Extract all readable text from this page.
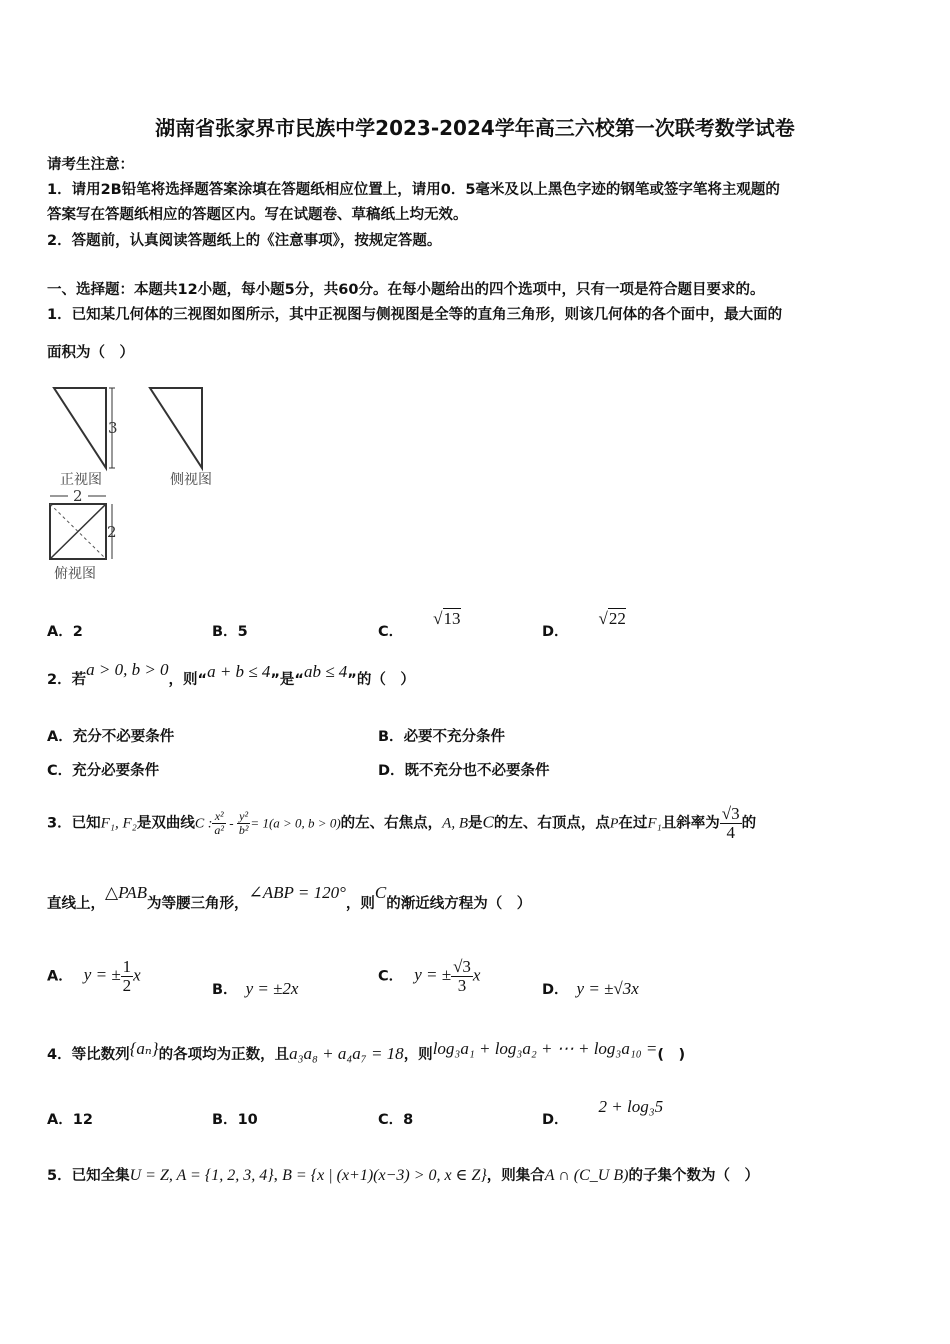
湖南省张家界市民族中学2023-2024学年高三六校第一次联考数学试卷
请考生注意：
1．请用2B铅笔将选择题答案涂填在答题纸相应位置上，请用0．5毫米及以上黑色字迹的钢笔或签字笔将主观题的
答案写在答题纸相应的答题区内。写在试题卷、草稿纸上均无效。
2．答题前，认真阅读答题纸上的《注意事项》，按规定答题。
一、选择题：本题共12小题，每小题5分，共60分。在每小题给出的四个选项中，只有一项是符合题目要求的。
1．已知某几何体的三视图如图所示，其中正视图与侧视图是全等的直角三角形，则该几何体的各个面中，最大面的
面积为（　）
3
正视图	侧视图
2
2
俯视图
A．2	B．5	C．√13
D．√22
2．若a > 0, b > 0，则“a + b ≤ 4”是“ab ≤ 4”的（　）
A．充分不必要条件	B．必要不充分条件
C．充分必要条件	D．既不充分也不必要条件
3．已知F₁, F₂是双曲线C : $\frac{\text{x²}}{\text{a²}} - \frac{\text{y²}}{\text{b²}} = 1(a > 0$, b > 0)的左、右焦点，A, B是C的左、右顶点，点P在过F₁且斜率为 $\frac{√3}{4}$ 的
直线上，△PAB为等腰三角形，∠ABP = 120°，则C的渐近线方程为（　）
A． y = ± $\frac{1}{2}$ x
B． y = ±2x
C． y = ± $\frac{√3}{3}$ x
D． y = ±√3x
4．等比数列{aₙ}的各项均为正数，且a₃a₈ + a₄a₇ = 18，则log₃a₁ + log₃a₂ + ⋯ + log₃a₁₀ =(　)
A．12	B．10	C．8	D．2 + log₃5
5．已知全集U = Z, A = {1, 2, 3, 4}, B = {x | (x+1)(x−3) > 0, x ∈ Z}，则集合A ∩ (C_U B)的子集个数为（　）
